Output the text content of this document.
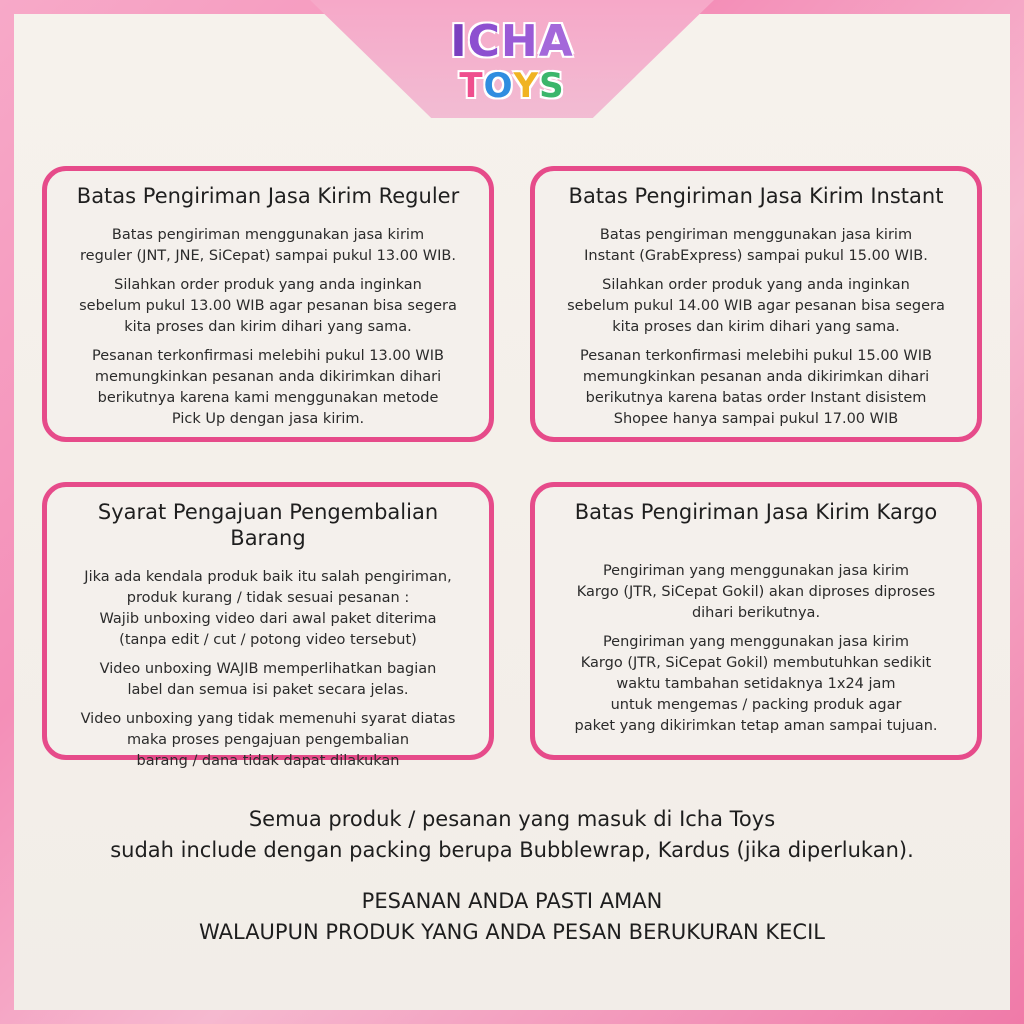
ICHA
TOYS
Batas Pengiriman Jasa Kirim Reguler

Batas pengiriman menggunakan jasa kirim
reguler (JNT, JNE, SiCepat) sampai pukul 13.00 WIB.

Silahkan order produk yang anda inginkan
sebelum pukul 13.00 WIB agar pesanan bisa segera
kita proses dan kirim dihari yang sama.

Pesanan terkonfirmasi melebihi pukul 13.00 WIB
memungkinkan pesanan anda dikirimkan dihari
berikutnya karena kami menggunakan metode
Pick Up dengan jasa kirim.

Batas Pengiriman Jasa Kirim Instant

Batas pengiriman menggunakan jasa kirim
Instant (GrabExpress) sampai pukul 15.00 WIB.

Silahkan order produk yang anda inginkan
sebelum pukul 14.00 WIB agar pesanan bisa segera
kita proses dan kirim dihari yang sama.

Pesanan terkonfirmasi melebihi pukul 15.00 WIB
memungkinkan pesanan anda dikirimkan dihari
berikutnya karena batas order Instant disistem
Shopee hanya sampai pukul 17.00 WIB

Syarat Pengajuan Pengembalian Barang

Jika ada kendala produk baik itu salah pengiriman,
produk kurang / tidak sesuai pesanan :
Wajib unboxing video dari awal paket diterima
(tanpa edit / cut / potong video tersebut)

Video unboxing WAJIB memperlihatkan bagian
label dan semua isi paket secara jelas.

Video unboxing yang tidak memenuhi syarat diatas
maka proses pengajuan pengembalian
barang / dana tidak dapat dilakukan

Batas Pengiriman Jasa Kirim Kargo

Pengiriman yang menggunakan jasa kirim
Kargo (JTR, SiCepat Gokil) akan diproses diproses
dihari berikutnya.

Pengiriman yang menggunakan jasa kirim
Kargo (JTR, SiCepat Gokil) membutuhkan sedikit
waktu tambahan setidaknya 1x24 jam
untuk mengemas / packing produk agar
paket yang dikirimkan tetap aman sampai tujuan.

Semua produk / pesanan yang masuk di Icha Toys
sudah include dengan packing berupa Bubblewrap, Kardus (jika diperlukan).
PESANAN ANDA PASTI AMAN
WALAUPUN PRODUK YANG ANDA PESAN BERUKURAN KECIL
